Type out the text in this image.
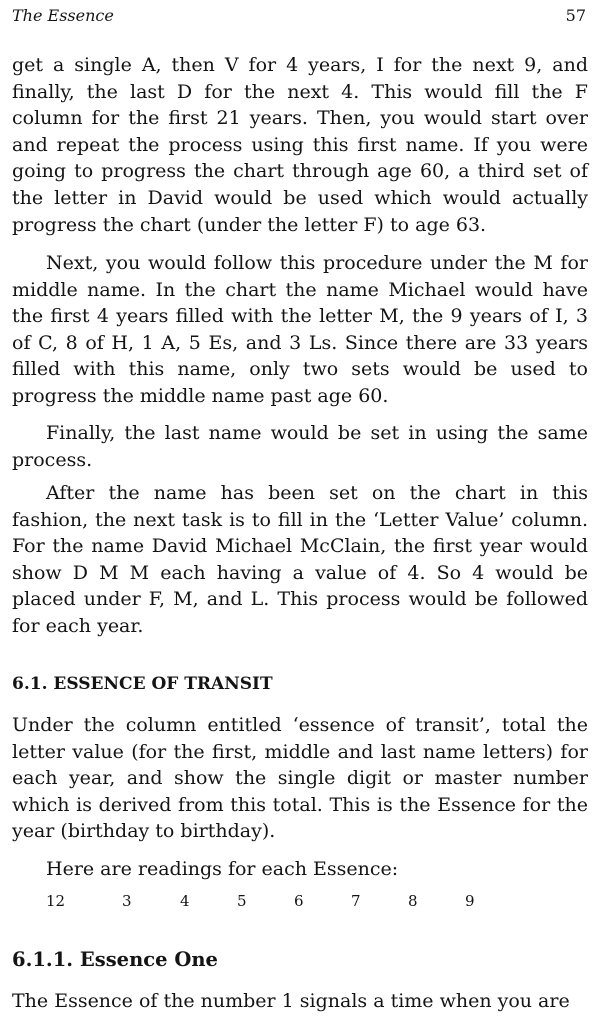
The Essence	57

get a single A, then V for 4 years, I for the next 9, and finally, the last D for the next 4. This would fill the F column for the first 21 years. Then, you would start over and repeat the process using this first name. If you were going to progress the chart through age 60, a third set of the letter in David would be used which would actually progress the chart (under the letter F) to age 63.

Next, you would follow this procedure under the M for middle name. In the chart the name Michael would have the first 4 years filled with the letter M, the 9 years of I, 3 of C, 8 of H, 1 A, 5 Es, and 3 Ls. Since there are 33 years filled with this name, only two sets would be used to progress the middle name past age 60.

Finally, the last name would be set in using the same process.

After the name has been set on the chart in this fashion, the next task is to fill in the ‘Letter Value’ column. For the name David Michael McClain, the first year would show D M M each having a value of 4. So 4 would be placed under F, M, and L. This process would be followed for each year.

6.1. ESSENCE OF TRANSIT

Under the column entitled ‘essence of transit’, total the letter value (for the first, middle and last name letters) for each year, and show the single digit or master number which is derived from this total. This is the Essence for the year (birthday to birthday).

Here are readings for each Essence:

12	3	4	5	6	7	8	9
6.1.1. Essence One

The Essence of the number 1 signals a time when you are
